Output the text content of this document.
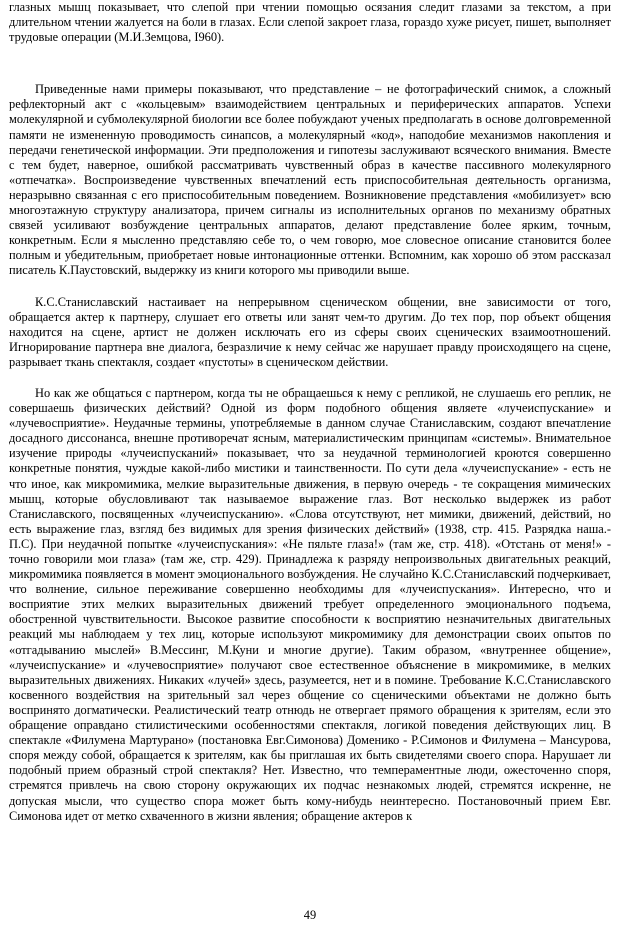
глазных мышц показывает, что слепой при чтении помощью осязания следит глазами за текстом, а при длительном чтении жалуется на боли в глазах. Если слепой закроет глаза, гораздо хуже рисует, пишет, выполняет трудовые операции (М.И.Земцова, I960).

Приведенные нами примеры показывают, что представление – не фотографический снимок, а сложный рефлекторный акт с «кольцевым» взаимодействием центральных и периферических аппаратов. Успехи молекулярной и субмолекулярной биологии все более побуждают ученых предполагать в основе долговременной памяти не измененную проводимость синапсов, а молекулярный «код», наподобие механизмов накопления и передачи генетической информации. Эти предположения и гипотезы заслуживают всяческого внимания. Вместе с тем будет, наверное, ошибкой рассматривать чувственный образ в качестве пассивного молекулярного «отпечатка». Воспроизведение чувственных впечатлений есть приспособительная деятельность организма, неразрывно связанная с его приспособительным поведением. Возникновение представления «мобилизует» всю многоэтажную структуру анализатора, причем сигналы из исполнительных органов по механизму обратных связей усиливают возбуждение центральных аппаратов, делают представление более ярким, точным, конкретным. Если я мысленно представляю себе то, о чем говорю, мое словесное описание становится более полным и убедительным, приобретает новые интонационные оттенки. Вспомним, как хорошо об этом рассказал писатель К.Паустовский, выдержку из книги которого мы приводили выше.

К.С.Станиславский настаивает на непрерывном сценическом общении, вне зависимости от того, обращается актер к партнеру, слушает его ответы или занят чем-то другим. До тех пор, пор объект общения находится на сцене, артист не должен исключать его из сферы своих сценических взаимоотношений. Игнорирование партнера вне диалога, безразличие к нему сейчас же нарушает правду происходящего на сцене, разрывает ткань спектакля, создает «пустоты» в сценическом действии.

Но как же общаться с партнером, когда ты не обращаешься к нему с репликой, не слушаешь его реплик, не совершаешь физических действий? Одной из форм подобного общения являете «лучеиспускание» и «лучевосприятие». Неудачные термины, употребляемые в данном случае Станиславским, создают впечатление досадного диссонанса, внешне противоречат ясным, материалистическим принципам «системы». Внимательное изучение природы «лучеиспусканий» показывает, что за неудачной терминологией кроются совершенно конкретные понятия, чуждые какой-либо мистики и таинственности. По сути дела «лучеиспускание» - есть не что иное, как микромимика, мелкие выразительные движения, в первую очередь - те сокращения мимических мышц, которые обусловливают так называемое выражение глаз. Вот несколько выдержек из работ Станиславского, посвященных «лучеиспусканию». «Слова отсутствуют, нет мимики, движений, действий, но есть выражение глаз, взгляд без видимых для зрения физических действий» (1938, стр. 415. Разрядка наша.- П.С). При неудачной попытке «лучеиспускания»: «Не пяльте глаза!» (там же, стр. 418). «Отстань от меня!» - точно говорили мои глаза» (там же, стр. 429). Принадлежа к разряду непроизвольных двигательных реакций, микромимика появляется в момент эмоционального возбуждения. Не случайно К.С.Станиславский подчеркивает, что волнение, сильное переживание совершенно необходимы для «лучеиспускания». Интересно, что и восприятие этих мелких выразительных движений требует определенного эмоционального подъема, обостренной чувствительности. Высокое развитие способности к восприятию незначительных двигательных реакций мы наблюдаем у тех лиц, которые используют микромимику для демонстрации своих опытов по «отгадыванию мыслей» В.Мессинг, М.Куни и многие другие). Таким образом, «внутреннее общение», «лучеиспускание» и «лучевосприятие» получают свое естественное объяснение в микромимике, в мелких выразительных движениях. Никаких «лучей» здесь, разумеется, нет и в помине. Требование К.С.Станиславского косвенного воздействия на зрительный зал через общение со сценическими объектами не должно быть воспринято догматически. Реалистический театр отнюдь не отвергает прямого обращения к зрителям, если это обращение оправдано стилистическими особенностями спектакля, логикой поведения действующих лиц. В спектакле «Филумена Мартурано» (постановка Евг.Симонова) Доменико - Р.Симонов и Филумена – Мансурова, споря между собой, обращается к зрителям, как бы приглашая их быть свидетелями своего спора. Нарушает ли подобный прием образный строй спектакля? Нет. Известно, что темпераментные люди, ожесточенно споря, стремятся привлечь на свою сторону окружающих их подчас незнакомых людей, стремятся искренне, не допуская мысли, что существо спора может быть кому-нибудь неинтересно. Постановочный прием Евг. Симонова идет от метко схваченного в жизни явления; обращение актеров к

49
